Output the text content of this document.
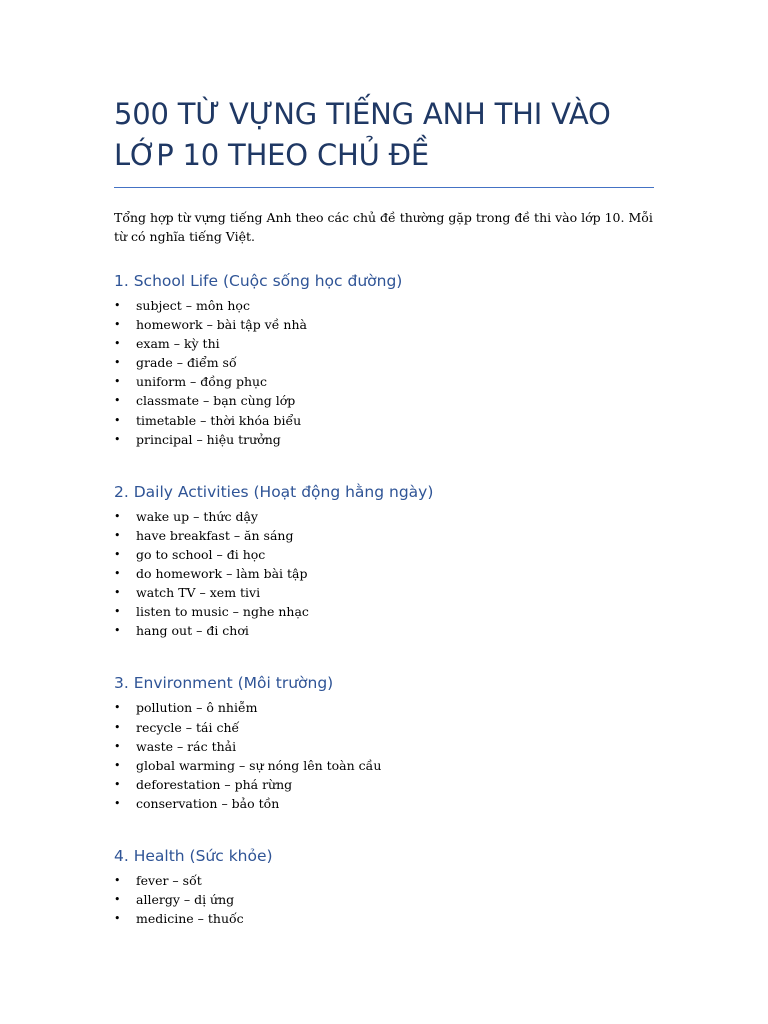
500 TỪ VỰNG TIẾNG ANH THI VÀO LỚP 10 THEO CHỦ ĐỀ

Tổng hợp từ vựng tiếng Anh theo các chủ đề thường gặp trong đề thi vào lớp 10. Mỗi từ có nghĩa tiếng Việt.

1. School Life (Cuộc sống học đường)
• subject – môn học
• homework – bài tập về nhà
• exam – kỳ thi
• grade – điểm số
• uniform – đồng phục
• classmate – bạn cùng lớp
• timetable – thời khóa biểu
• principal – hiệu trưởng
2. Daily Activities (Hoạt động hằng ngày)
• wake up – thức dậy
• have breakfast – ăn sáng
• go to school – đi học
• do homework – làm bài tập
• watch TV – xem tivi
• listen to music – nghe nhạc
• hang out – đi chơi
3. Environment (Môi trường)
• pollution – ô nhiễm
• recycle – tái chế
• waste – rác thải
• global warming – sự nóng lên toàn cầu
• deforestation – phá rừng
• conservation – bảo tồn
4. Health (Sức khỏe)
• fever – sốt
• allergy – dị ứng
• medicine – thuốc
